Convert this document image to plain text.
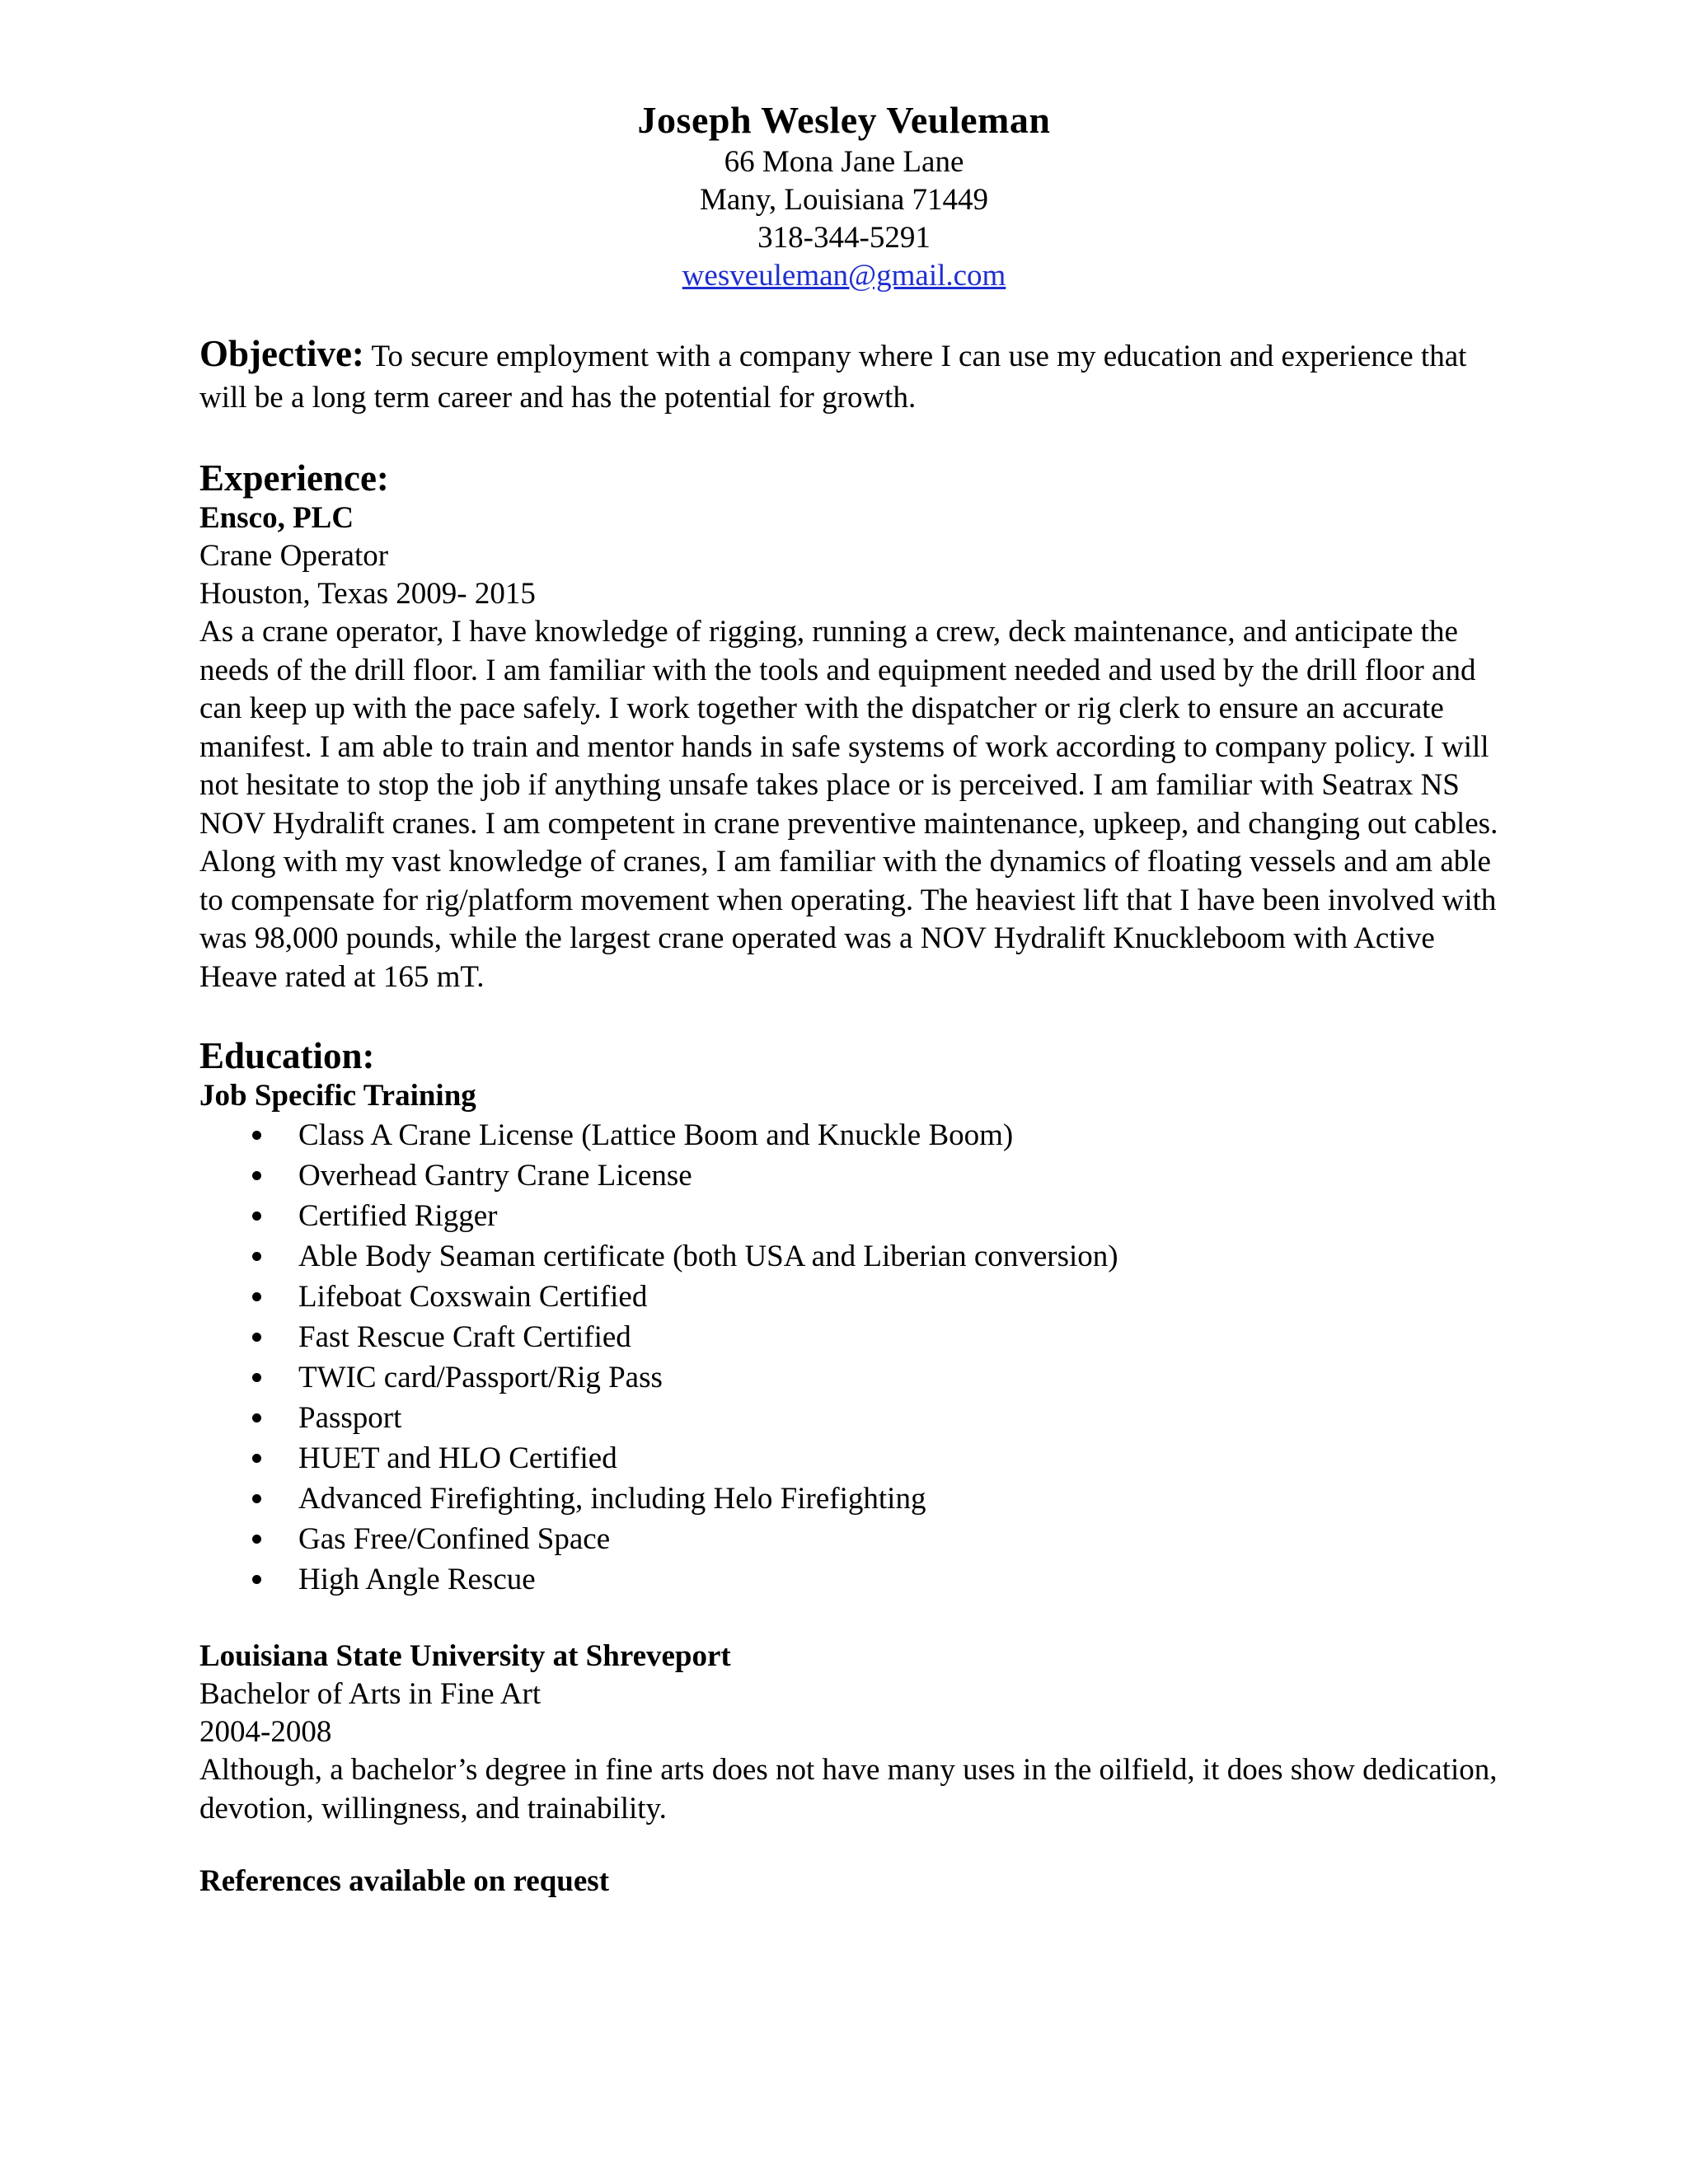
Joseph Wesley Veuleman
66 Mona Jane Lane
Many, Louisiana 71449
318-344-5291
wesveuleman@gmail.com

Objective: To secure employment with a company where I can use my education and experience that will be a long term career and has the potential for growth.

Experience:
Ensco, PLC
Crane Operator
Houston, Texas 2009- 2015

As a crane operator, I have knowledge of rigging, running a crew, deck maintenance, and anticipate the needs of the drill floor. I am familiar with the tools and equipment needed and used by the drill floor and can keep up with the pace safely. I work together with the dispatcher or rig clerk to ensure an accurate manifest. I am able to train and mentor hands in safe systems of work according to company policy. I will not hesitate to stop the job if anything unsafe takes place or is perceived. I am familiar with Seatrax NS NOV Hydralift cranes. I am competent in crane preventive maintenance, upkeep, and changing out cables. Along with my vast knowledge of cranes, I am familiar with the dynamics of floating vessels and am able to compensate for rig/platform movement when operating. The heaviest lift that I have been involved with was 98,000 pounds, while the largest crane operated was a NOV Hydralift Knuckleboom with Active Heave rated at 165 mT.

Education:
Job Specific Training
Class A Crane License (Lattice Boom and Knuckle Boom)
Overhead Gantry Crane License
Certified Rigger
Able Body Seaman certificate (both USA and Liberian conversion)
Lifeboat Coxswain Certified
Fast Rescue Craft Certified
TWIC card/Passport/Rig Pass
Passport
HUET and HLO Certified
Advanced Firefighting, including Helo Firefighting
Gas Free/Confined Space
High Angle Rescue
Louisiana State University at Shreveport
Bachelor of Arts in Fine Art
2004-2008

Although, a bachelor’s degree in fine arts does not have many uses in the oilfield, it does show dedication, devotion, willingness, and trainability.

References available on request
